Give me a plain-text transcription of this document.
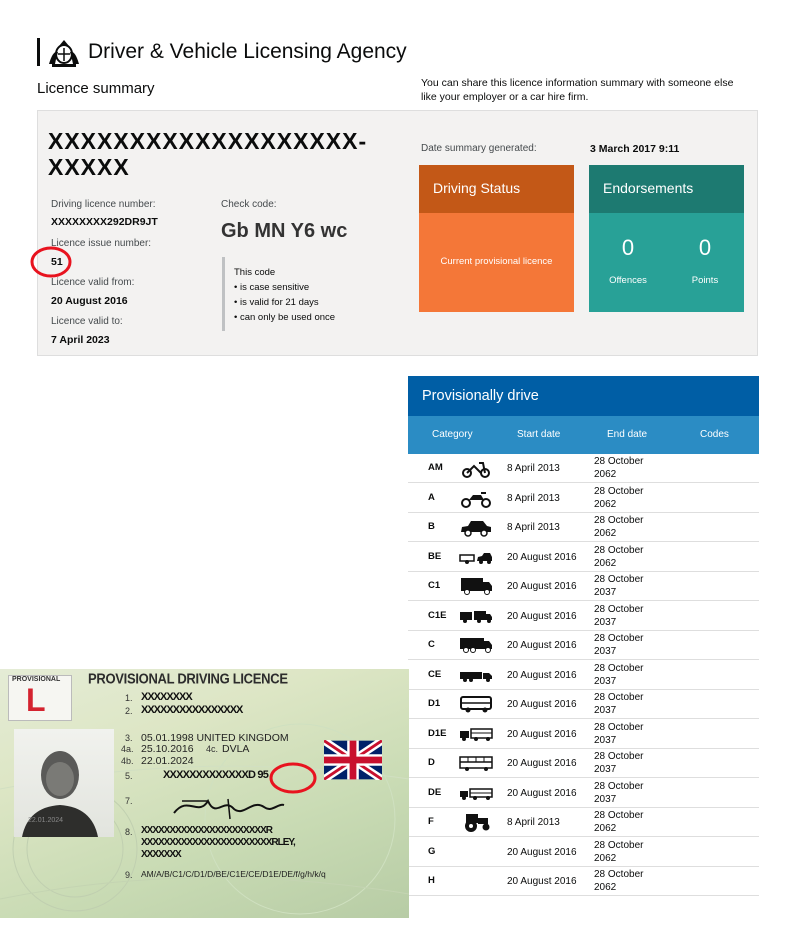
Driver & Vehicle Licensing Agency
Licence summary	You can share this licence information summary with someone else like your employer or a car hire firm.
XXXXXXXXXXXXXXXXXXX-XXXXX
Driving licence number:
XXXXXXXX292DR9JT
Licence issue number:
51
Licence valid from:
20 August 2016
Licence valid to:
7 April 2023
Check code:
Gb MN Y6 wc
This code
• is case sensitive
• is valid for 21 days
• can only be used once
Date summary generated:	3 March 2017 9:11
Driving Status
Current provisional licence
Endorsements
0
Offences
0
Points
Provisionally drive
Category	Start date	End date	Codes
AM	8 April 2013
28 October
2062
A	8 April 2013
28 October
2062
B	8 April 2013
28 October
2062
BE	20 August 2016
28 October
2062
C1	20 August 2016
28 October
2037
C1E	20 August 2016
28 October
2037
C	20 August 2016
28 October
2037
CE	20 August 2016
28 October
2037
D1	20 August 2016
28 October
2037
D1E	20 August 2016
28 October
2037
D	20 August 2016
28 October
2037
DE	20 August 2016
28 October
2037
F	8 April 2013
28 October
2062
G	20 August 2016
28 October
2062
H	20 August 2016
28 October
2062
PROVISIONAL
L
PROVISIONAL DRIVING LICENCE
22.01.2024
1. XXXXXXXX
2. XXXXXXXXXXXXXXXX
3. 05.01.1998 UNITED KINGDOM
4a. 25.10.2016 4c. DVLA
4b. 22.01.2024
5.	XXXXXXXXXXXXXD 95
7.
8. XXXXXXXXXXXXXXXXXXXXXXR
XXXXXXXXXXXXXXXXXXXXXXXRLEY,
XXXXXXX
9. AM/A/B/C1/C/D1/D/BE/C1E/CE/D1E/DE/f/g/h/k/q
